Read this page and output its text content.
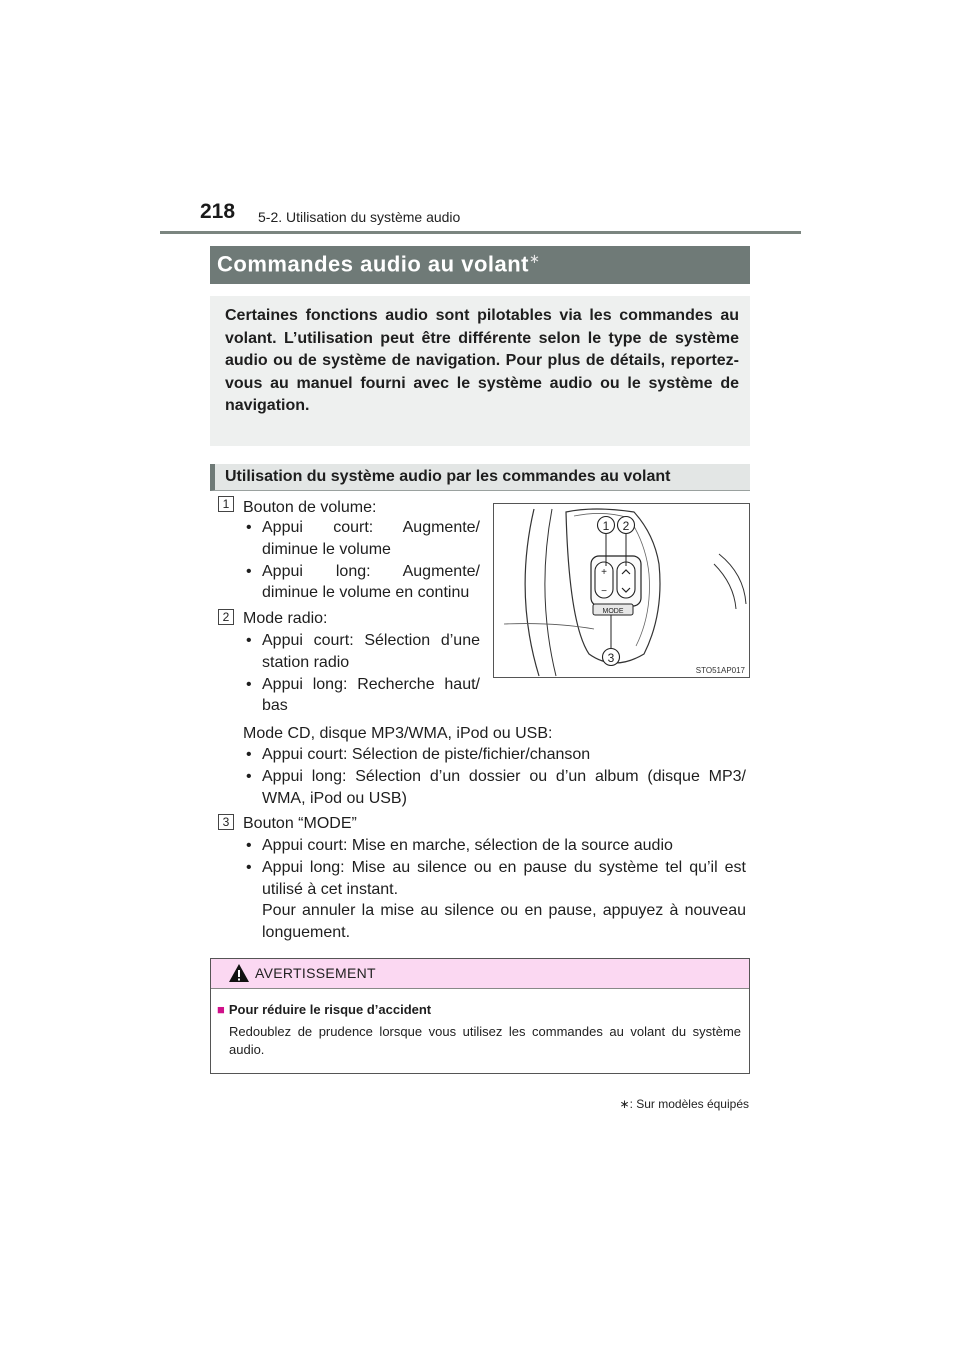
218 5-2. Utilisation du système audio
Commandes audio au volant∗

Certaines fonctions audio sont pilotables via les commandes au volant. L’utilisation peut être différente selon le type de système audio ou de système de navigation. Pour plus de détails, reportez-vous au manuel fourni avec le système audio ou le système de navigation.

Utilisation du système audio par les commandes au volant
1 Bouton de volume:
• Appui court: Augmente/ diminue le volume
• Appui long: Augmente/ diminue le volume en continu
2 Mode radio:
• Appui court: Sélection d’une station radio
• Appui long: Recherche haut/ bas
Mode CD, disque MP3/WMA, iPod ou USB:
• Appui court: Sélection de piste/fichier/chanson
• Appui long: Sélection d’un dossier ou d’un album (disque MP3/ WMA, iPod ou USB)
3 Bouton “MODE”
• Appui court: Mise en marche, sélection de la source audio
• Appui long: Mise au silence ou en pause du système tel qu’il est utilisé à cet instant.
Pour annuler la mise au silence ou en pause, appuyez à nouveau longuement.
+
−
MODE
1 2
3
STO51AP017
AVERTISSEMENT
■ Pour réduire le risque d’accident
Redoublez de prudence lorsque vous utilisez les commandes au volant du système audio.
∗: Sur modèles équipés
